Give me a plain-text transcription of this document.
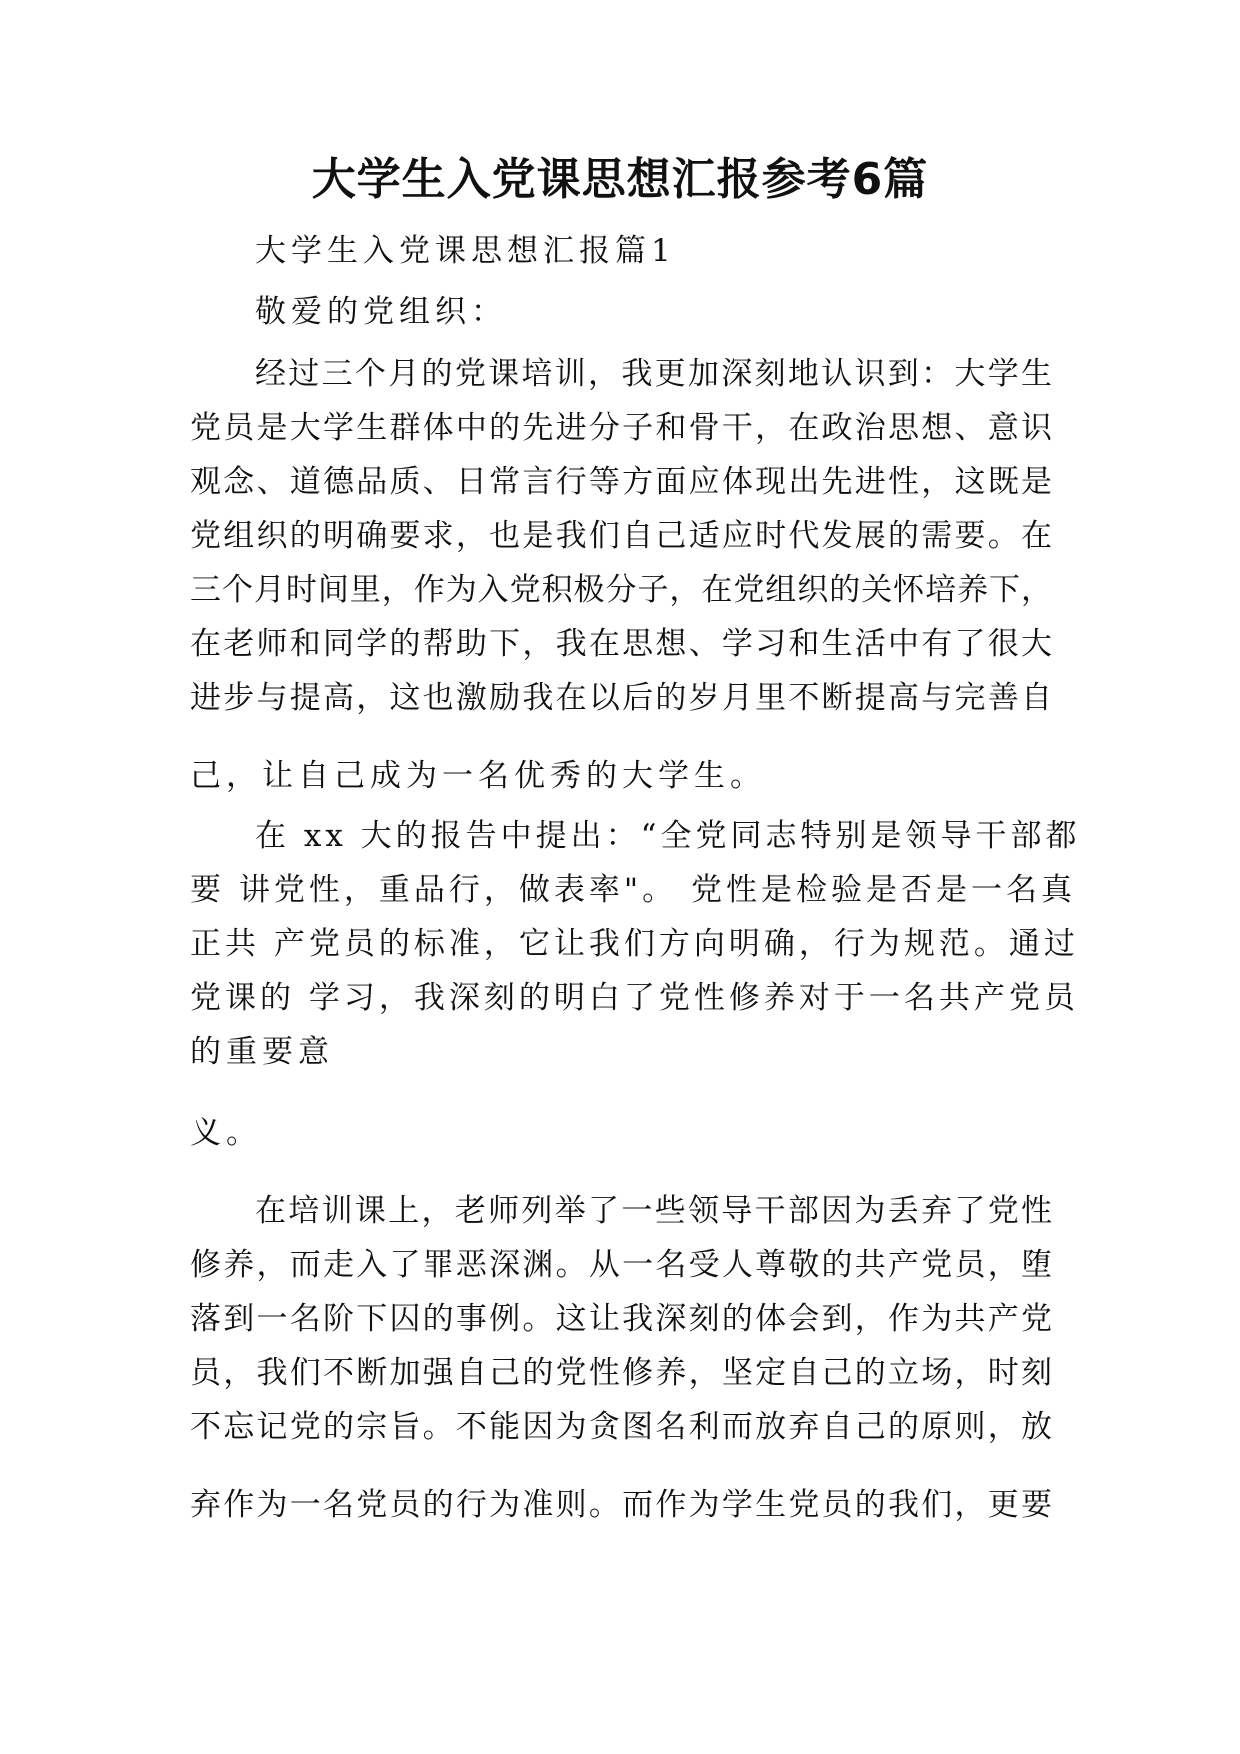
大学生入党课思想汇报参考6篇
大学生入党课思想汇报篇1
敬爱的党组织：
经过三个月的党课培训，我更加深刻地认识到：大学生
党员是大学生群体中的先进分子和骨干，在政治思想、意识
观念、道德品质、日常言行等方面应体现出先进性，这既是
党组织的明确要求，也是我们自己适应时代发展的需要。在
三个月时间里，作为入党积极分子，在党组织的关怀培养下，
在老师和同学的帮助下，我在思想、学习和生活中有了很大
进步与提高，这也激励我在以后的岁月里不断提高与完善自
己，让自己成为一名优秀的大学生。
在 xx 大的报告中提出：“全党同志特别是领导干部都
要 讲党性，重品行，做表率"。 党性是检验是否是一名真
正共 产党员的标准，它让我们方向明确，行为规范。通过
党课的 学习，我深刻的明白了党性修养对于一名共产党员
的重要意
义。
在培训课上，老师列举了一些领导干部因为丢弃了党性
修养，而走入了罪恶深渊。从一名受人尊敬的共产党员，堕
落到一名阶下囚的事例。这让我深刻的体会到，作为共产党
员，我们不断加强自己的党性修养，坚定自己的立场，时刻
不忘记党的宗旨。不能因为贪图名利而放弃自己的原则，放
弃作为一名党员的行为准则。而作为学生党员的我们，更要
